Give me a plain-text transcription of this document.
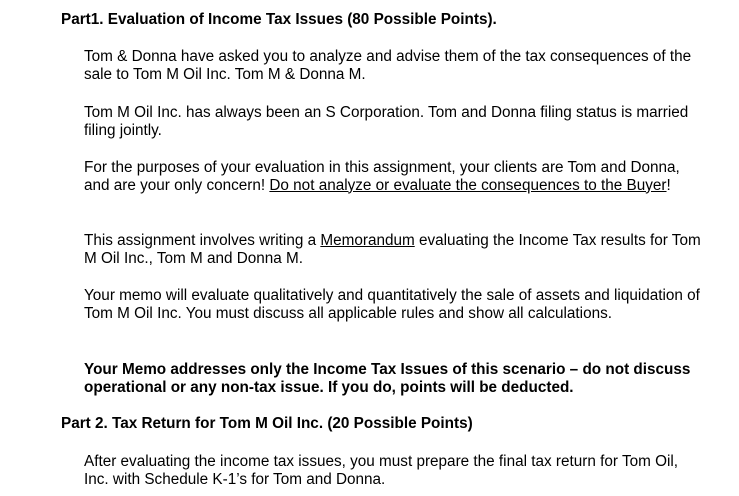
Part1. Evaluation of Income Tax Issues (80 Possible Points).
Tom & Donna have asked you to analyze and advise them of the tax consequences of the sale to Tom M Oil Inc. Tom M & Donna M.
Tom M Oil Inc. has always been an S Corporation. Tom and Donna filing status is married filing jointly.
For the purposes of your evaluation in this assignment, your clients are Tom and Donna, and are your only concern! Do not analyze or evaluate the consequences to the Buyer!
This assignment involves writing a Memorandum evaluating the Income Tax results for Tom M Oil Inc., Tom M and Donna M.
Your memo will evaluate qualitatively and quantitatively the sale of assets and liquidation of Tom M Oil Inc. You must discuss all applicable rules and show all calculations.
Your Memo addresses only the Income Tax Issues of this scenario – do not discuss operational or any non-tax issue. If you do, points will be deducted.
Part 2. Tax Return for Tom M Oil Inc. (20 Possible Points)
After evaluating the income tax issues, you must prepare the final tax return for Tom Oil, Inc. with Schedule K-1’s for Tom and Donna.
